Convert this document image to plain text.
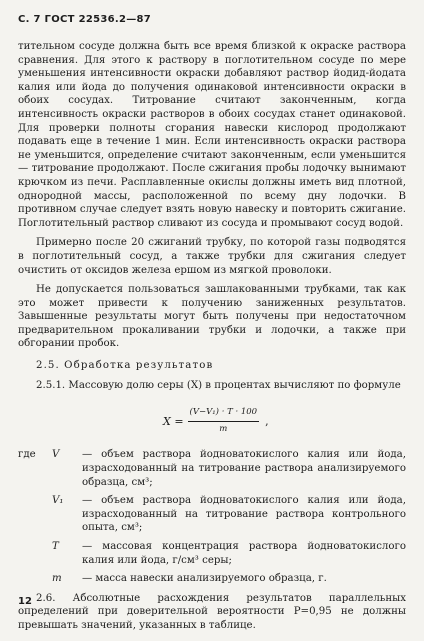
С. 7 ГОСТ 22536.2—87

тительном сосуде должна быть все время близкой к окраске раствора сравнения. Для этого к раствору в поглотительном сосуде по мере уменьшения интенсивности окраски добавляют раствор йодид-йодата калия или йода до получения одинаковой интенсивности окраски в обоих сосудах. Титрование считают законченным, когда интенсивность окраски растворов в обоих сосудах станет одинаковой. Для проверки полноты сгорания навески кислород продолжают подавать еще в течение 1 мин. Если интенсивность окраски раствора не уменьшится, определение считают законченным, если уменьшится — титрование продолжают. После сжигания пробы лодочку вынимают крючком из печи. Расплавленные окислы должны иметь вид плотной, однородной массы, расположенной по всему дну лодочки. В противном случае следует взять новую навеску и повторить сжигание. Поглотительный раствор сливают из сосуда и промывают сосуд водой.

Примерно после 20 сжиганий трубку, по которой газы подводятся в поглотительный сосуд, а также трубки для сжигания следует очистить от оксидов железа ершом из мягкой проволоки.

Не допускается пользоваться зашлакованными трубками, так как это может привести к получению заниженных результатов. Завышенные результаты могут быть получены при недостаточном предварительном прокаливании трубки и лодочки, а также при обгорании пробок.

2.5. Обработка результатов

2.5.1. Массовую долю серы (X) в процентах вычисляют по формуле

$X = \frac{\text{(V−V₁) · T · 100}}{m}$ ,
где	V	— объем раствора йодноватокислого калия или йода, израсходованный на титрование раствора анализируемого образца, см³;
V₁	— объем раствора йодноватокислого калия или йода, израсходованный на титрование раствора контрольного опыта, см³;
T	— массовая концентрация раствора йодноватокислого калия или йода, г/см³ серы;
m	— масса навески анализируемого образца, г.

2.6. Абсолютные расхождения результатов параллельных определений при доверительной вероятности P=0,95 не должны превышать значений, указанных в таблице.

12
